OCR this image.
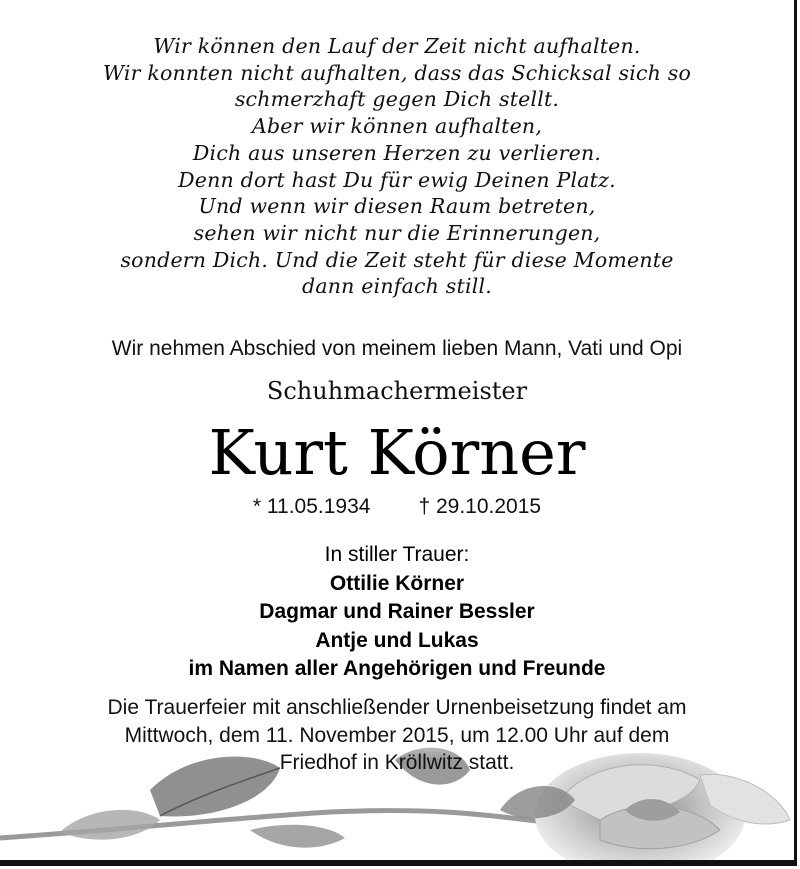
Wir können den Lauf der Zeit nicht aufhalten.
Wir konnten nicht aufhalten, dass das Schicksal sich so
schmerzhaft gegen Dich stellt.
Aber wir können aufhalten,
Dich aus unseren Herzen zu verlieren.
Denn dort hast Du für ewig Deinen Platz.
Und wenn wir diesen Raum betreten,
sehen wir nicht nur die Erinnerungen,
sondern Dich. Und die Zeit steht für diese Momente
dann einfach still.
Wir nehmen Abschied von meinem lieben Mann, Vati und Opi
Schuhmachermeister
Kurt Körner
* 11.05.1934 † 29.10.2015
In stiller Trauer:
Ottilie Körner
Dagmar und Rainer Bessler
Antje und Lukas
im Namen aller Angehörigen und Freunde
Die Trauerfeier mit anschließender Urnenbeisetzung findet am
Mittwoch, dem 11. November 2015, um 12.00 Uhr auf dem
Friedhof in Kröllwitz statt.
